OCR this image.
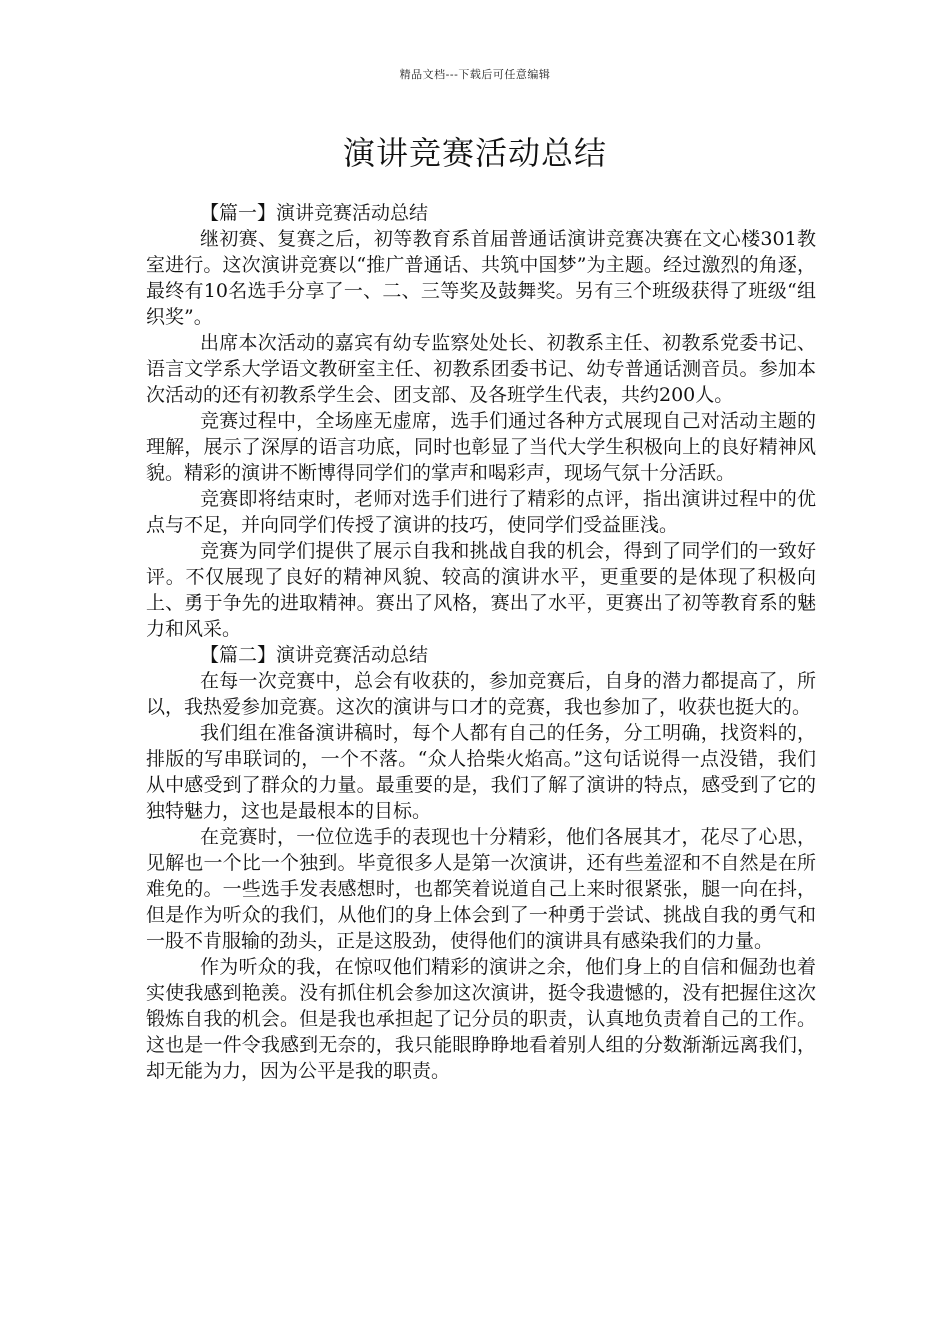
精品文档---下载后可任意编辑
演讲竞赛活动总结

【篇一】演讲竞赛活动总结

继初赛、复赛之后，初等教育系首届普通话演讲竞赛决赛在文心楼301教室进行。这次演讲竞赛以“推广普通话、共筑中国梦”为主题。经过激烈的角逐，最终有10名选手分享了一、二、三等奖及鼓舞奖。另有三个班级获得了班级“组织奖”。

出席本次活动的嘉宾有幼专监察处处长、初教系主任、初教系党委书记、语言文学系大学语文教研室主任、初教系团委书记、幼专普通话测音员。参加本次活动的还有初教系学生会、团支部、及各班学生代表，共约200人。

竞赛过程中，全场座无虚席，选手们通过各种方式展现自己对活动主题的理解，展示了深厚的语言功底，同时也彰显了当代大学生积极向上的良好精神风貌。精彩的演讲不断博得同学们的掌声和喝彩声，现场气氛十分活跃。

竞赛即将结束时，老师对选手们进行了精彩的点评，指出演讲过程中的优点与不足，并向同学们传授了演讲的技巧，使同学们受益匪浅。

竞赛为同学们提供了展示自我和挑战自我的机会，得到了同学们的一致好评。不仅展现了良好的精神风貌、较高的演讲水平，更重要的是体现了积极向上、勇于争先的进取精神。赛出了风格，赛出了水平，更赛出了初等教育系的魅力和风采。

【篇二】演讲竞赛活动总结

在每一次竞赛中，总会有收获的，参加竞赛后，自身的潜力都提高了，所以，我热爱参加竞赛。这次的演讲与口才的竞赛，我也参加了，收获也挺大的。

我们组在准备演讲稿时，每个人都有自己的任务，分工明确，找资料的，排版的写串联词的，一个不落。“众人拾柴火焰高。”这句话说得一点没错，我们从中感受到了群众的力量。最重要的是，我们了解了演讲的特点，感受到了它的独特魅力，这也是最根本的目标。

在竞赛时，一位位选手的表现也十分精彩，他们各展其才，花尽了心思，见解也一个比一个独到。毕竟很多人是第一次演讲，还有些羞涩和不自然是在所难免的。一些选手发表感想时，也都笑着说道自己上来时很紧张，腿一向在抖，但是作为听众的我们，从他们的身上体会到了一种勇于尝试、挑战自我的勇气和一股不肯服输的劲头，正是这股劲，使得他们的演讲具有感染我们的力量。

作为听众的我，在惊叹他们精彩的演讲之余，他们身上的自信和倔劲也着实使我感到艳羡。没有抓住机会参加这次演讲，挺令我遗憾的，没有把握住这次锻炼自我的机会。但是我也承担起了记分员的职责，认真地负责着自己的工作。这也是一件令我感到无奈的，我只能眼睁睁地看着别人组的分数渐渐远离我们，却无能为力，因为公平是我的职责。
